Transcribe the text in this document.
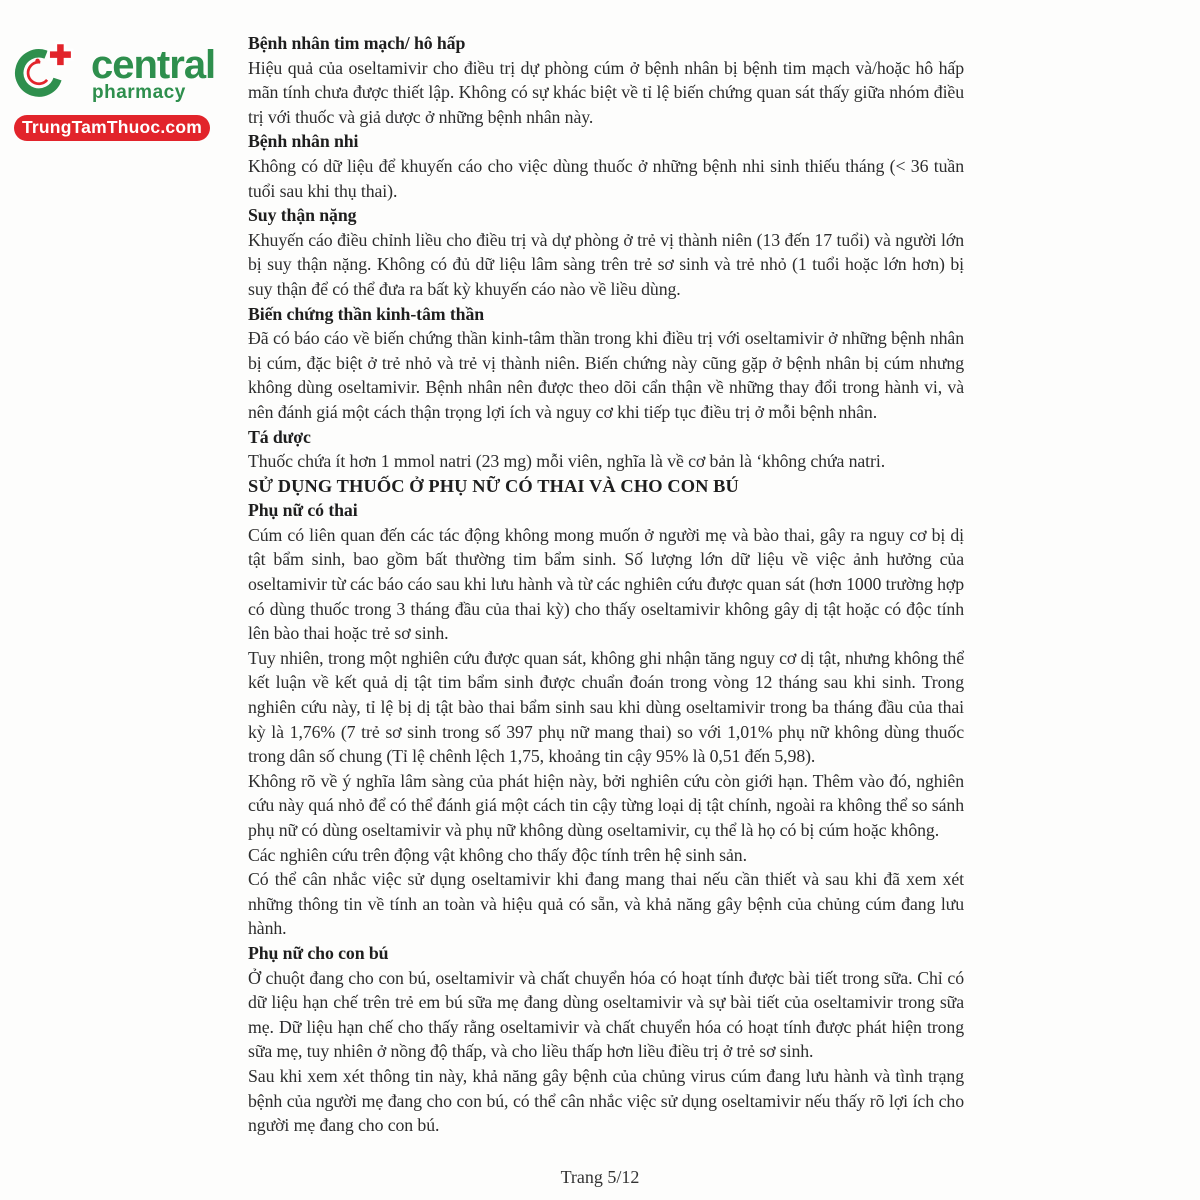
central
pharmacy
TrungTamThuoc.com
Bệnh nhân tim mạch/ hô hấp

Hiệu quả của oseltamivir cho điều trị dự phòng cúm ở bệnh nhân bị bệnh tim mạch và/hoặc hô hấp mãn tính chưa được thiết lập. Không có sự khác biệt về tỉ lệ biến chứng quan sát thấy giữa nhóm điều trị với thuốc và giả dược ở những bệnh nhân này.

Bệnh nhân nhi

Không có dữ liệu để khuyến cáo cho việc dùng thuốc ở những bệnh nhi sinh thiếu tháng (< 36 tuần tuổi sau khi thụ thai).

Suy thận nặng

Khuyến cáo điều chỉnh liều cho điều trị và dự phòng ở trẻ vị thành niên (13 đến 17 tuổi) và người lớn bị suy thận nặng. Không có đủ dữ liệu lâm sàng trên trẻ sơ sinh và trẻ nhỏ (1 tuổi hoặc lớn hơn) bị suy thận để có thể đưa ra bất kỳ khuyến cáo nào về liều dùng.

Biến chứng thần kinh-tâm thần

Đã có báo cáo về biến chứng thần kinh-tâm thần trong khi điều trị với oseltamivir ở những bệnh nhân bị cúm, đặc biệt ở trẻ nhỏ và trẻ vị thành niên. Biến chứng này cũng gặp ở bệnh nhân bị cúm nhưng không dùng oseltamivir. Bệnh nhân nên được theo dõi cẩn thận về những thay đổi trong hành vi, và nên đánh giá một cách thận trọng lợi ích và nguy cơ khi tiếp tục điều trị ở mỗi bệnh nhân.

Tá dược

Thuốc chứa ít hơn 1 mmol natri (23 mg) mỗi viên, nghĩa là về cơ bản là ‘không chứa natri.

SỬ DỤNG THUỐC Ở PHỤ NỮ CÓ THAI VÀ CHO CON BÚ
Phụ nữ có thai

Cúm có liên quan đến các tác động không mong muốn ở người mẹ và bào thai, gây ra nguy cơ bị dị tật bẩm sinh, bao gồm bất thường tim bẩm sinh. Số lượng lớn dữ liệu về việc ảnh hưởng của oseltamivir từ các báo cáo sau khi lưu hành và từ các nghiên cứu được quan sát (hơn 1000 trường hợp có dùng thuốc trong 3 tháng đầu của thai kỳ) cho thấy oseltamivir không gây dị tật hoặc có độc tính lên bào thai hoặc trẻ sơ sinh.

Tuy nhiên, trong một nghiên cứu được quan sát, không ghi nhận tăng nguy cơ dị tật, nhưng không thể kết luận về kết quả dị tật tim bẩm sinh được chuẩn đoán trong vòng 12 tháng sau khi sinh. Trong nghiên cứu này, tỉ lệ bị dị tật bào thai bẩm sinh sau khi dùng oseltamivir trong ba tháng đầu của thai kỳ là 1,76% (7 trẻ sơ sinh trong số 397 phụ nữ mang thai) so với 1,01% phụ nữ không dùng thuốc trong dân số chung (Tỉ lệ chênh lệch 1,75, khoảng tin cậy 95% là 0,51 đến 5,98).

Không rõ về ý nghĩa lâm sàng của phát hiện này, bởi nghiên cứu còn giới hạn. Thêm vào đó, nghiên cứu này quá nhỏ để có thể đánh giá một cách tin cậy từng loại dị tật chính, ngoài ra không thể so sánh phụ nữ có dùng oseltamivir và phụ nữ không dùng oseltamivir, cụ thể là họ có bị cúm hoặc không.

Các nghiên cứu trên động vật không cho thấy độc tính trên hệ sinh sản.

Có thể cân nhắc việc sử dụng oseltamivir khi đang mang thai nếu cần thiết và sau khi đã xem xét những thông tin về tính an toàn và hiệu quả có sẵn, và khả năng gây bệnh của chủng cúm đang lưu hành.

Phụ nữ cho con bú

Ở chuột đang cho con bú, oseltamivir và chất chuyển hóa có hoạt tính được bài tiết trong sữa. Chỉ có dữ liệu hạn chế trên trẻ em bú sữa mẹ đang dùng oseltamivir và sự bài tiết của oseltamivir trong sữa mẹ. Dữ liệu hạn chế cho thấy rằng oseltamivir và chất chuyển hóa có hoạt tính được phát hiện trong sữa mẹ, tuy nhiên ở nồng độ thấp, và cho liều thấp hơn liều điều trị ở trẻ sơ sinh.

Sau khi xem xét thông tin này, khả năng gây bệnh của chủng virus cúm đang lưu hành và tình trạng bệnh của người mẹ đang cho con bú, có thể cân nhắc việc sử dụng oseltamivir nếu thấy rõ lợi ích cho người mẹ đang cho con bú.

Trang 5/12
